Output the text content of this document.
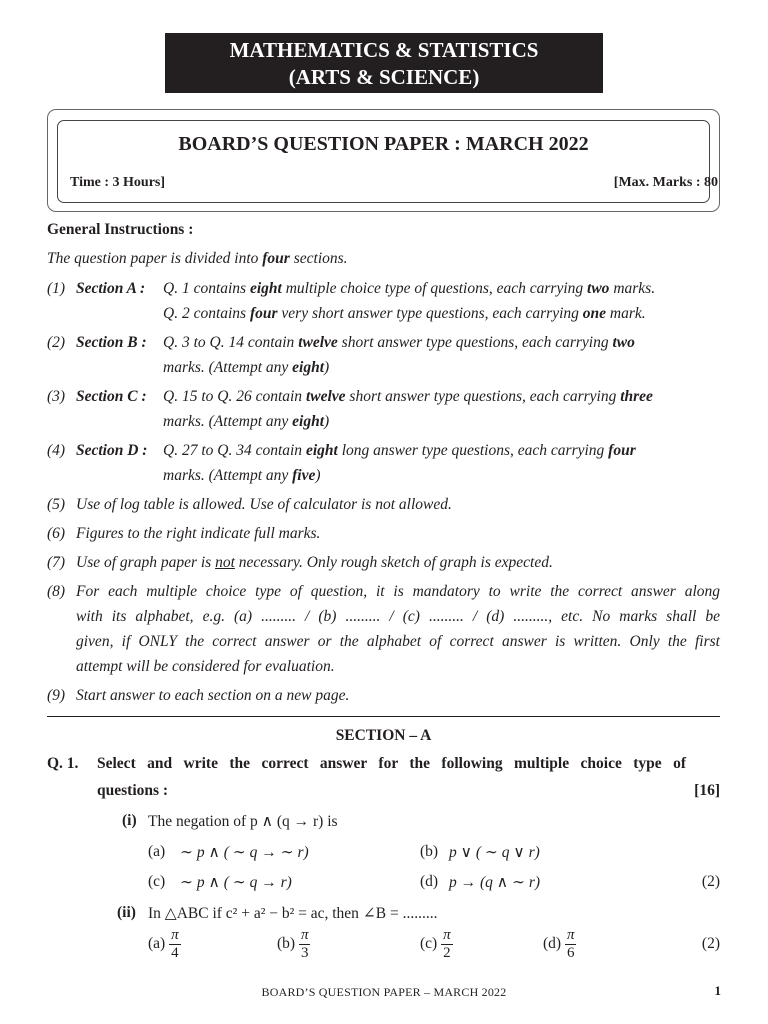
MATHEMATICS & STATISTICS
(ARTS & SCIENCE)
BOARD’S QUESTION PAPER : MARCH 2022
Time : 3 Hours]	[Max. Marks : 80
General Instructions :
The question paper is divided into four sections.
(1) Section A : Q. 1 contains eight multiple choice type of questions, each carrying two marks.
Q. 2 contains four very short answer type questions, each carrying one mark.
(2) Section B : Q. 3 to Q. 14 contain twelve short answer type questions, each carrying two
marks. (Attempt any eight)
(3) Section C : Q. 15 to Q. 26 contain twelve short answer type questions, each carrying three
marks. (Attempt any eight)
(4) Section D : Q. 27 to Q. 34 contain eight long answer type questions, each carrying four
marks. (Attempt any five)
(5) Use of log table is allowed. Use of calculator is not allowed.
(6) Figures to the right indicate full marks.
(7) Use of graph paper is not necessary. Only rough sketch of graph is expected.
(8) For each multiple choice type of question, it is mandatory to write the correct answer along
with its alphabet, e.g. (a) ......... / (b) ......... / (c) ......... / (d) ........., etc. No marks shall be
given, if ONLY the correct answer or the alphabet of correct answer is written. Only the first
attempt will be considered for evaluation.
(9) Start answer to each section on a new page.
SECTION – A
Q. 1. Select and write the correct answer for the following multiple choice type of
questions :	[16]
(i) The negation of p ∧ (q → r) is
(a) ∼ p ∧ ( ∼ q → ∼ r)	(b) p ∨ ( ∼ q ∨ r)
(c) ∼ p ∧ ( ∼ q → r)	(d) p → (q ∧ ∼ r)	(2)
(ii) In △ABC if c² + a² − b² = ac, then ∠B = .........
$(a) \frac{\pi}{4}$	$(b) \frac{\pi}{3}$	$(c) \frac{\pi}{2}$	$(d) \frac{\pi}{6}$	(2)
BOARD’S QUESTION PAPER – MARCH 2022	1
